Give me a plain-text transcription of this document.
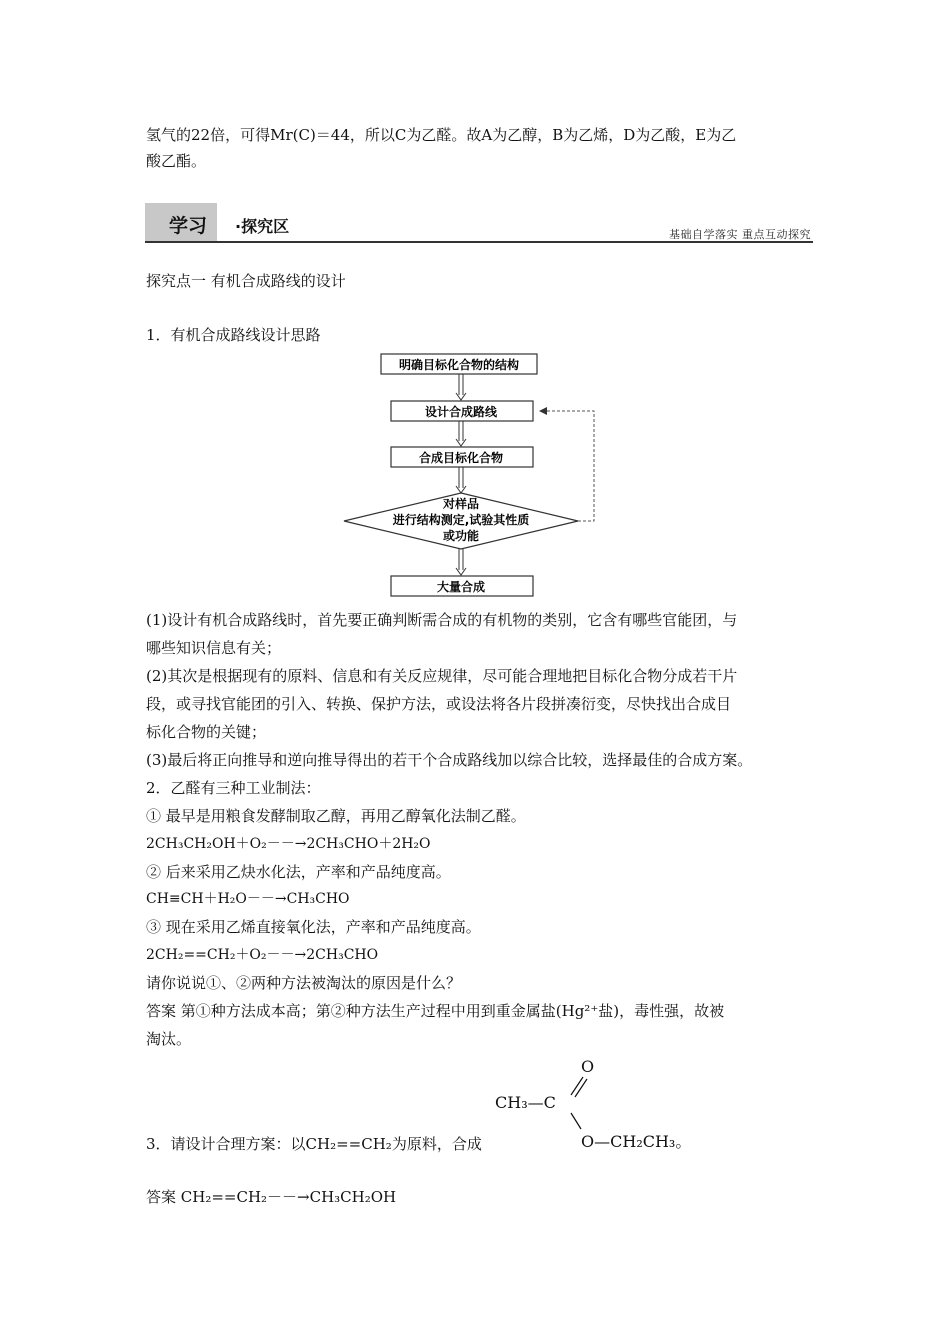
氢气的22倍，可得Mr(C)＝44，所以C为乙醛。故A为乙醇，B为乙烯，D为乙酸，E为乙
酸乙酯。
学习 ·探究区	基础自学落实 重点互动探究
探究点一 有机合成路线的设计
1．有机合成路线设计思路
明确目标化合物的结构
设计合成路线
合成目标化合物
对样品
进行结构测定,试验其性质
或功能
大量合成
(1)设计有机合成路线时，首先要正确判断需合成的有机物的类别，它含有哪些官能团，与
哪些知识信息有关；
(2)其次是根据现有的原料、信息和有关反应规律，尽可能合理地把目标化合物分成若干片
段，或寻找官能团的引入、转换、保护方法，或设法将各片段拼凑衍变，尽快找出合成目
标化合物的关键；
(3)最后将正向推导和逆向推导得出的若干个合成路线加以综合比较，选择最佳的合成方案。
2．乙醛有三种工业制法：
① 最早是用粮食发酵制取乙醇，再用乙醇氧化法制乙醛。
2CH₃CH₂OH＋O₂－－→2CH₃CHO＋2H₂O
② 后来采用乙炔水化法，产率和产品纯度高。
CH≡CH＋H₂O－－→CH₃CHO
③ 现在采用乙烯直接氧化法，产率和产品纯度高。
2CH₂==CH₂＋O₂－－→2CH₃CHO
请你说说①、②两种方法被淘汰的原因是什么？
答案 第①种方法成本高；第②种方法生产过程中用到重金属盐(Hg²⁺盐)，毒性强，故被
淘汰。
3．请设计合理方案：以CH₂==CH₂为原料，合成
O
CH₃—C
O—CH₂CH₃。
答案 CH₂==CH₂－－→CH₃CH₂OH
